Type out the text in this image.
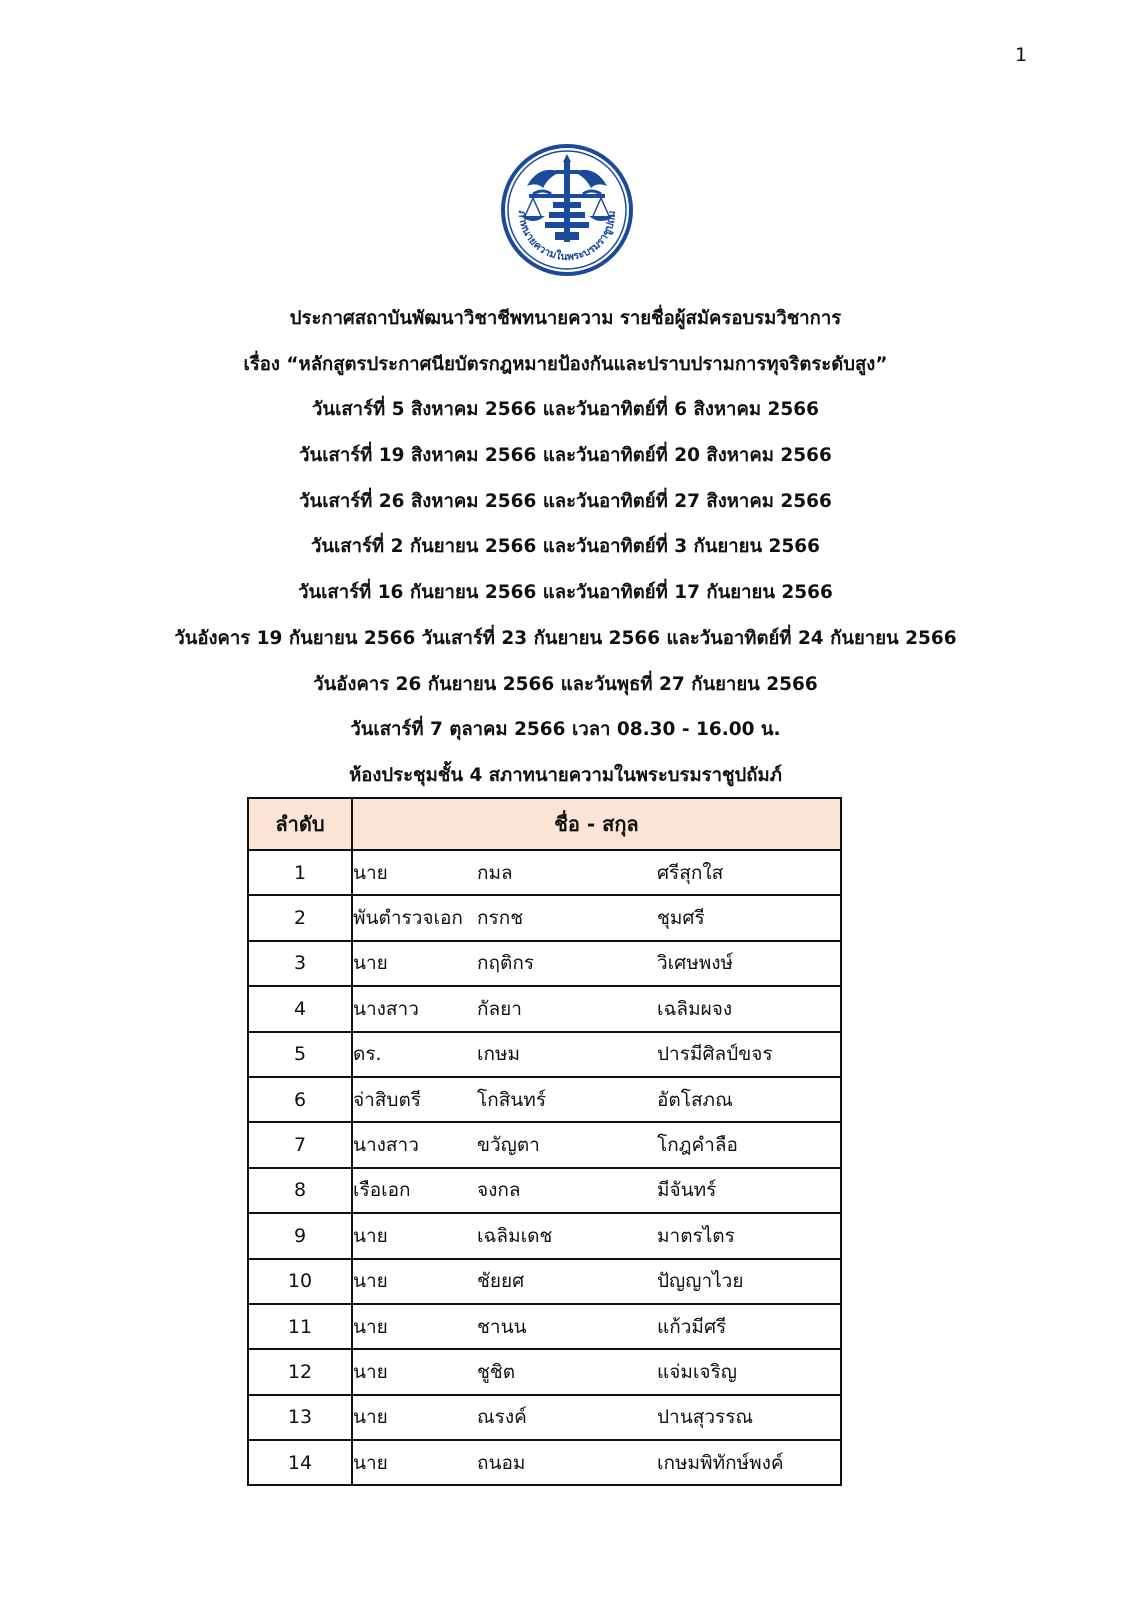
1
ภาทนายความในพระบรมราชูปถัม
ประกาศสถาบันพัฒนาวิชาชีพทนายความ รายชื่อผู้สมัครอบรมวิชาการ
เรื่อง “หลักสูตรประกาศนียบัตรกฎหมายป้องกันและปราบปรามการทุจริตระดับสูง”
วันเสาร์ที่ 5 สิงหาคม 2566 และวันอาทิตย์ที่ 6 สิงหาคม 2566
วันเสาร์ที่ 19 สิงหาคม 2566 และวันอาทิตย์ที่ 20 สิงหาคม 2566
วันเสาร์ที่ 26 สิงหาคม 2566 และวันอาทิตย์ที่ 27 สิงหาคม 2566
วันเสาร์ที่ 2 กันยายน 2566 และวันอาทิตย์ที่ 3 กันยายน 2566
วันเสาร์ที่ 16 กันยายน 2566 และวันอาทิตย์ที่ 17 กันยายน 2566
วันอังคาร 19 กันยายน 2566 วันเสาร์ที่ 23 กันยายน 2566 และวันอาทิตย์ที่ 24 กันยายน 2566
วันอังคาร 26 กันยายน 2566 และวันพุธที่ 27 กันยายน 2566
วันเสาร์ที่ 7 ตุลาคม 2566 เวลา 08.30 - 16.00 น.
ห้องประชุมชั้น 4 สภาทนายความในพระบรมราชูปถัมภ์
ลำดับ	ชื่อ - สกุล
1	นาย กมล ศรีสุกใส

2	พันตำรวจเอก กรกช ชุมศรี

3	นาย กฤติกร วิเศษพงษ์

4	นางสาว กัลยา เฉลิมผจง

5	ดร. เกษม ปารมีศิลป์ขจร

6	จ่าสิบตรี โกสินทร์ อัตโสภณ

7	นางสาว ขวัญตา โกฎคำลือ

8	เรือเอก จงกล มีจันทร์

9	นาย เฉลิมเดช มาตรไตร

10	นาย ชัยยศ ปัญญาไวย

11	นาย ชานน แก้วมีศรี

12	นาย ชูชิต แจ่มเจริญ

13	นาย ณรงค์ ปานสุวรรณ

14	นาย ถนอม เกษมพิทักษ์พงค์
